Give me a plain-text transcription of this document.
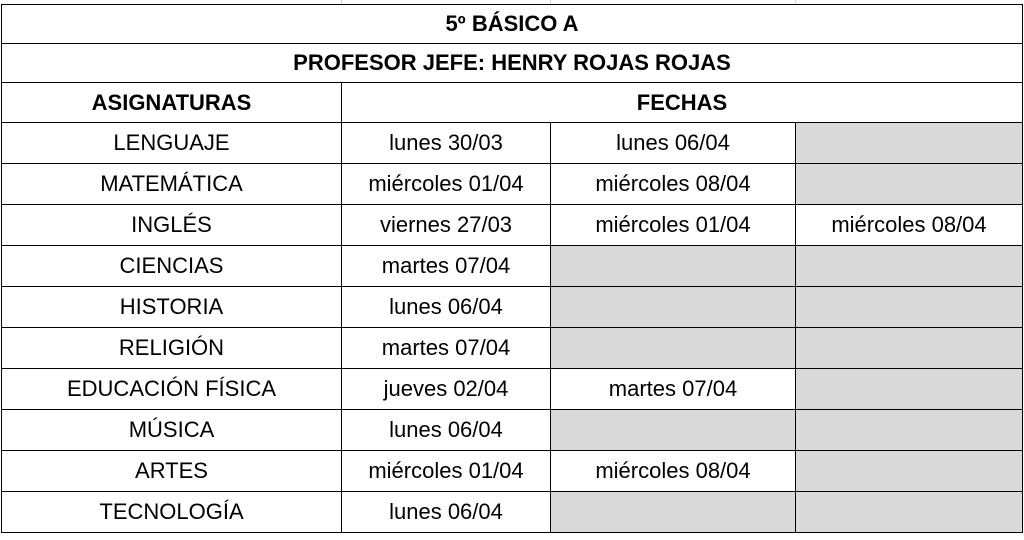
5º BÁSICO A			
PROFESOR JEFE: HENRY ROJAS ROJAS			
ASIGNATURAS	FECHAS		
LENGUAJE	lunes 30/03	lunes 06/04	
MATEMÁTICA	miércoles 01/04	miércoles 08/04	
INGLÉS	viernes 27/03	miércoles 01/04	miércoles 08/04
CIENCIAS	martes 07/04		
HISTORIA	lunes 06/04		
RELIGIÓN	martes 07/04		
EDUCACIÓN FÍSICA	jueves 02/04	martes 07/04	
MÚSICA	lunes 06/04		
ARTES	miércoles 01/04	miércoles 08/04	
TECNOLOGÍA	lunes 06/04		
